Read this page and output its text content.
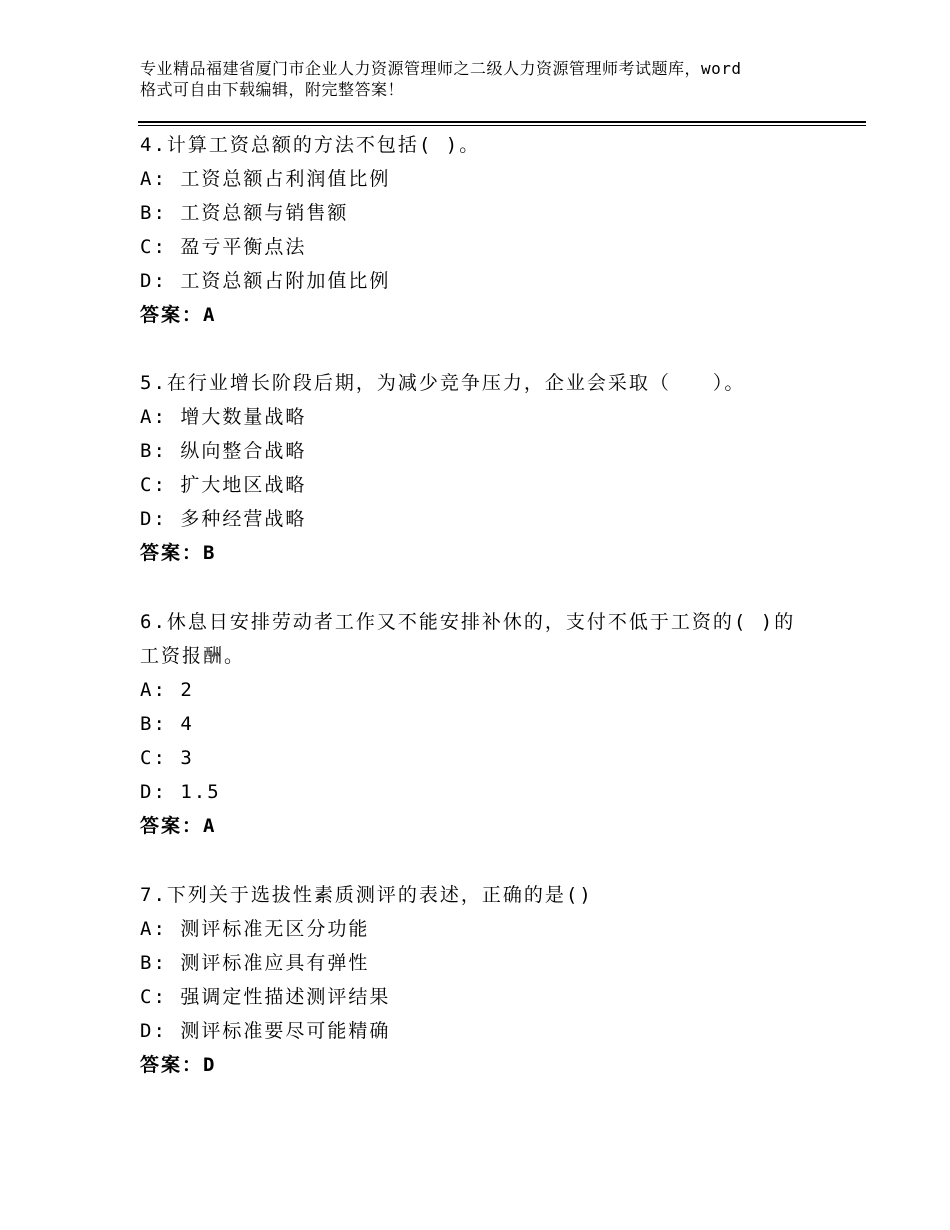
专业精品福建省厦门市企业人力资源管理师之二级人力资源管理师考试题库，word
格式可自由下载编辑，附完整答案！
4.计算工资总额的方法不包括( )。
A: 工资总额占利润值比例
B: 工资总额与销售额
C: 盈亏平衡点法
D: 工资总额占附加值比例
答案：A
5.在行业增长阶段后期，为减少竞争压力，企业会采取（　　）。
A: 增大数量战略
B: 纵向整合战略
C: 扩大地区战略
D: 多种经营战略
答案：B
6.休息日安排劳动者工作又不能安排补休的，支付不低于工资的( )的
工资报酬。
A: 2
B: 4
C: 3
D: 1.5
答案：A
7.下列关于选拔性素质测评的表述，正确的是()
A: 测评标准无区分功能
B: 测评标准应具有弹性
C: 强调定性描述测评结果
D: 测评标准要尽可能精确
答案：D
